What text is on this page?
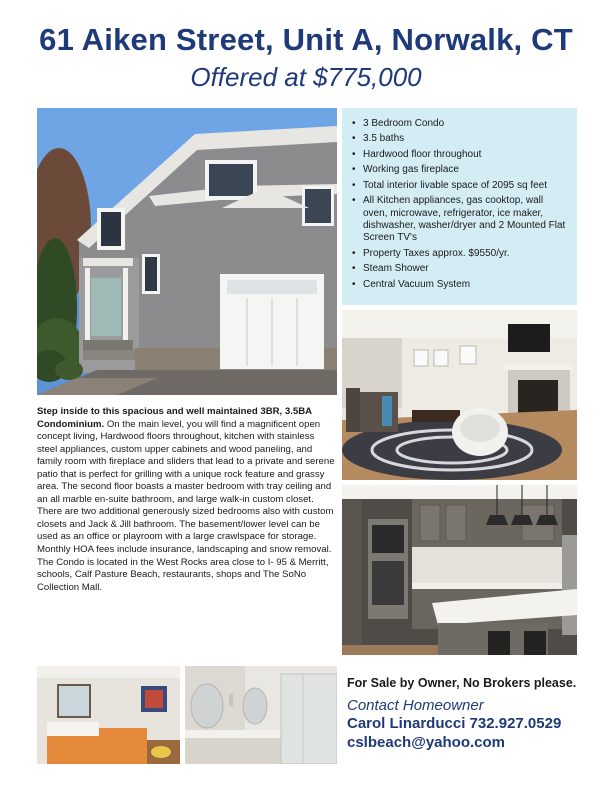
61 Aiken Street, Unit A, Norwalk, CT
Offered at $775,000
• 3 Bedroom Condo
• 3.5 baths
• Hardwood floor throughout
• Working gas fireplace
• Total interior livable space of 2095 sq feet
• All Kitchen appliances, gas cooktop, wall oven, microwave, refrigerator, ice maker, dishwasher, washer/dryer and 2 Mounted Flat Screen TV's
• Property Taxes approx. $9550/yr.
• Steam Shower
• Central Vacuum System
Step inside to this spacious and well maintained 3BR, 3.5BA Condominium. On the main level, you will find a magnificent open concept living, Hardwood floors throughout, kitchen with stainless steel appliances, custom upper cabinets and wood paneling, and family room with fireplace and sliders that lead to a private and serene patio that is perfect for grilling with a unique rock feature and grassy area. The second floor boasts a master bedroom with tray ceiling and an all marble en-suite bathroom, and large walk-in custom closet. There are two additional generously sized bedrooms also with custom closets and Jack & Jill bathroom. The basement/lower level can be used as an office or playroom with a large crawlspace for storage. Monthly HOA fees include insurance, landscaping and snow removal. The Condo is located in the West Rocks area close to I- 95 & Merritt, schools, Calf Pasture Beach, restaurants, shops and The SoNo Collection Mall.
For Sale by Owner, No Brokers please.
Contact Homeowner
Carol Linarducci 732.927.0529
cslbeach@yahoo.com
